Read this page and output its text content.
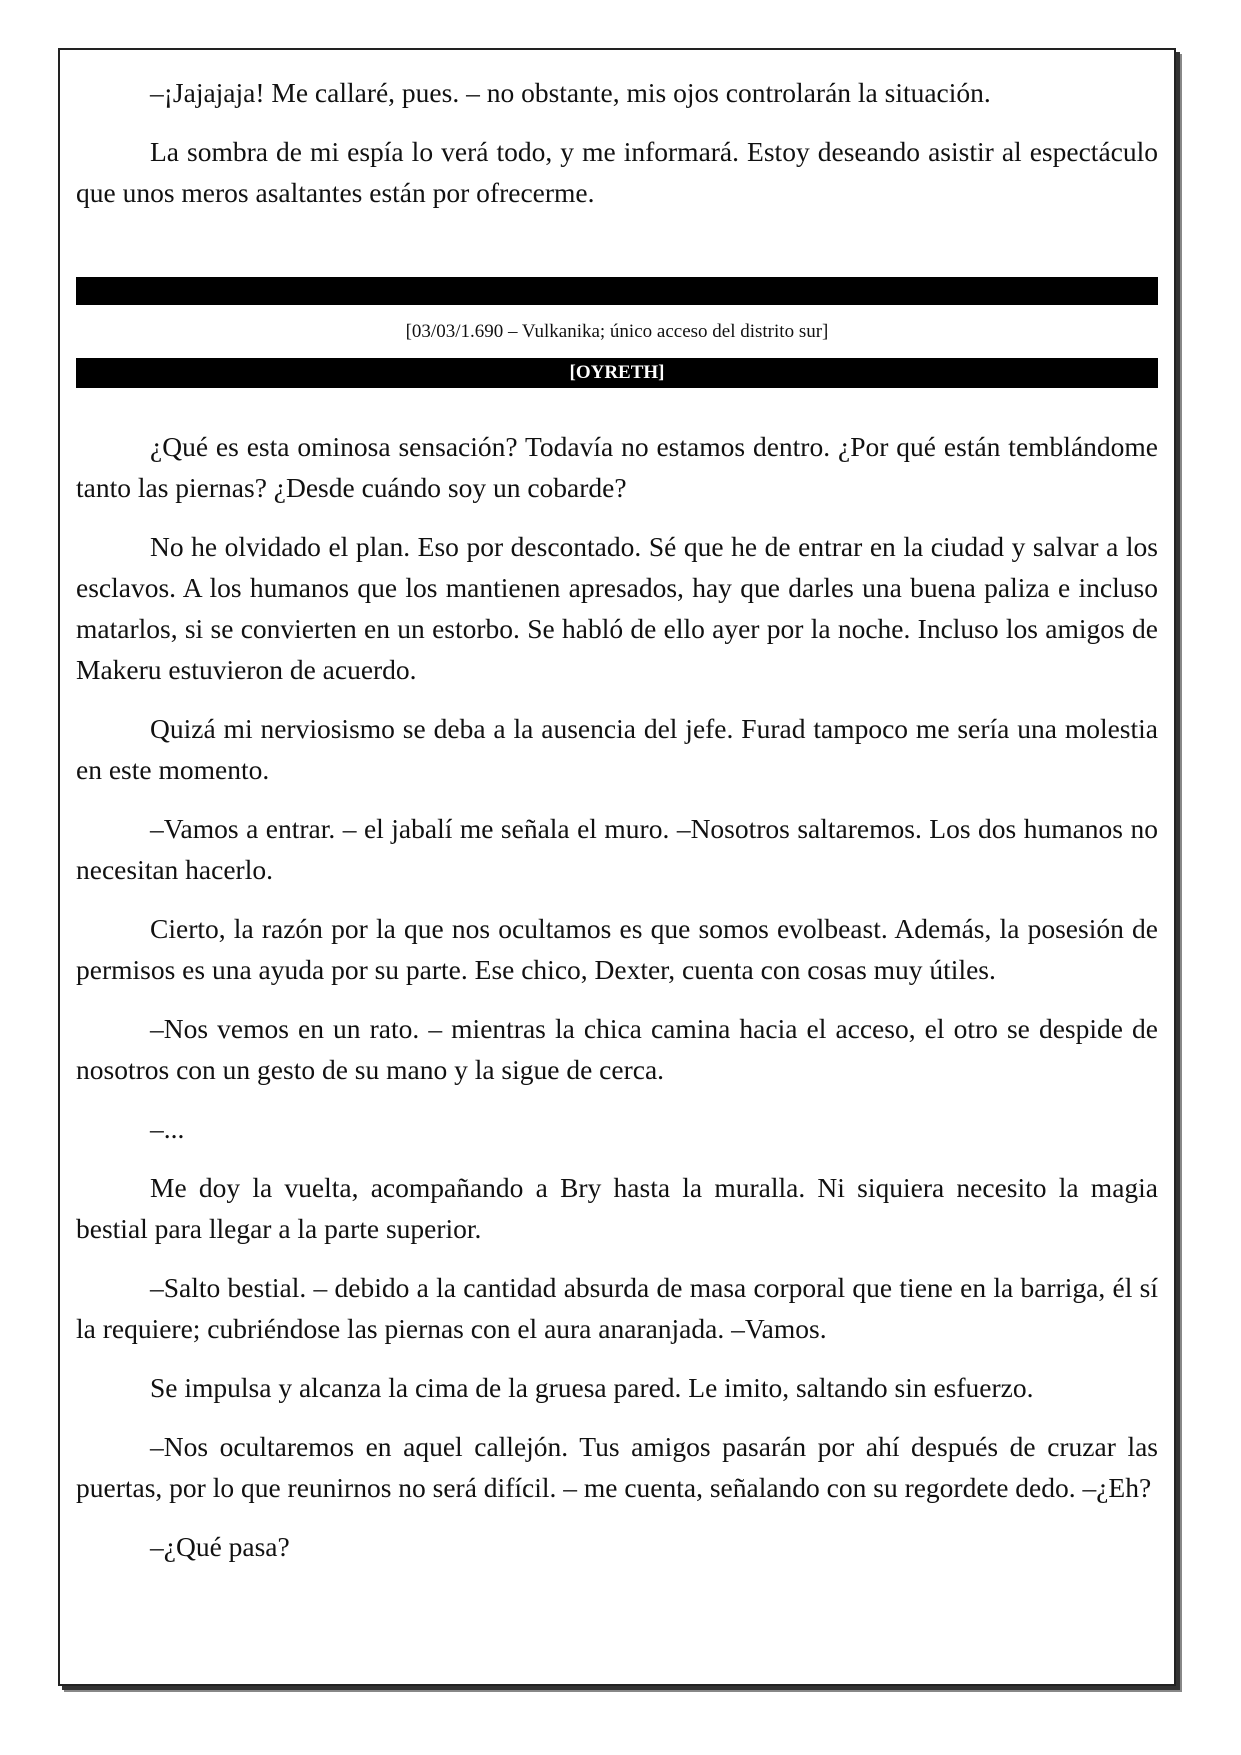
–¡Jajajaja! Me callaré, pues. – no obstante, mis ojos controlarán la situación.

La sombra de mi espía lo verá todo, y me informará. Estoy deseando asistir al espectáculo que unos meros asaltantes están por ofrecerme.

[03/03/1.690 – Vulkanika; único acceso del distrito sur]
[OYRETH]

¿Qué es esta ominosa sensación? Todavía no estamos dentro. ¿Por qué están temblándome tanto las piernas? ¿Desde cuándo soy un cobarde?

No he olvidado el plan. Eso por descontado. Sé que he de entrar en la ciudad y salvar a los esclavos. A los humanos que los mantienen apresados, hay que darles una buena paliza e incluso matarlos, si se convierten en un estorbo. Se habló de ello ayer por la noche. Incluso los amigos de Makeru estuvieron de acuerdo.

Quizá mi nerviosismo se deba a la ausencia del jefe. Furad tampoco me sería una molestia en este momento.

–Vamos a entrar. – el jabalí me señala el muro. –Nosotros saltaremos. Los dos humanos no necesitan hacerlo.

Cierto, la razón por la que nos ocultamos es que somos evolbeast. Además, la posesión de permisos es una ayuda por su parte. Ese chico, Dexter, cuenta con cosas muy útiles.

–Nos vemos en un rato. – mientras la chica camina hacia el acceso, el otro se despide de nosotros con un gesto de su mano y la sigue de cerca.

–...

Me doy la vuelta, acompañando a Bry hasta la muralla. Ni siquiera necesito la magia bestial para llegar a la parte superior.

–Salto bestial. – debido a la cantidad absurda de masa corporal que tiene en la barriga, él sí la requiere; cubriéndose las piernas con el aura anaranjada. –Vamos.

Se impulsa y alcanza la cima de la gruesa pared. Le imito, saltando sin esfuerzo.

–Nos ocultaremos en aquel callejón. Tus amigos pasarán por ahí después de cruzar las puertas, por lo que reunirnos no será difícil. – me cuenta, señalando con su regordete dedo. –¿Eh?

–¿Qué pasa?
